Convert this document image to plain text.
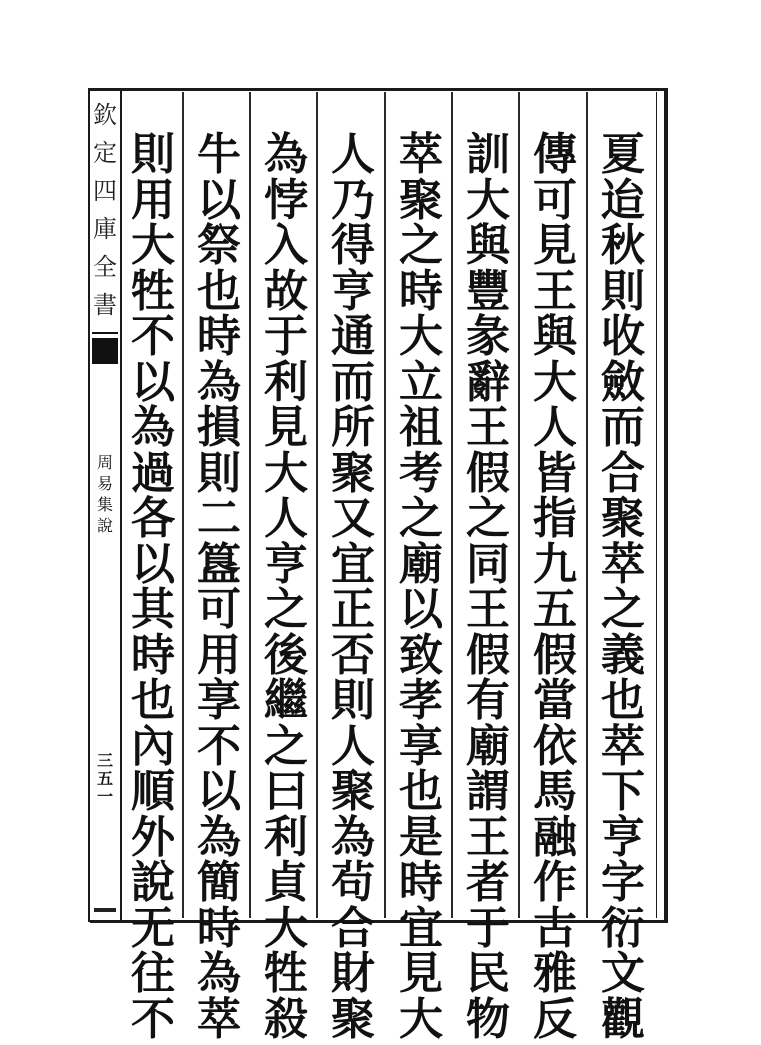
夏
迨
秋
則
收
斂
而
合
聚
萃
之
義
也
萃
下
亨
字
衍
文
觀
傳
可
見
王
與
大
人
皆
指
九
五
假
當
依
馬
融
作
古
雅
反
訓
大
與
豐
彖
辭
王
假
之
同
王
假
有
廟
謂
王
者
于
民
物
萃
聚
之
時
大
立
祖
考
之
廟
以
致
孝
享
也
是
時
宜
見
大
人
乃
得
亨
通
而
所
聚
又
宜
正
否
則
人
聚
為
茍
合
財
聚
為
悖
入
故
于
利
見
大
人
亨
之
後
繼
之
曰
利
貞
大
牲
殺
牛
以
祭
也
時
為
損
則
二
簋
可
用
享
不
以
為
簡
時
為
萃
則
用
大
牲
不
以
為
過
各
以
其
時
也
內
順
外
說
无
往
不
欽
定
四
庫
全
書
周
易
集
說
三
五
一
